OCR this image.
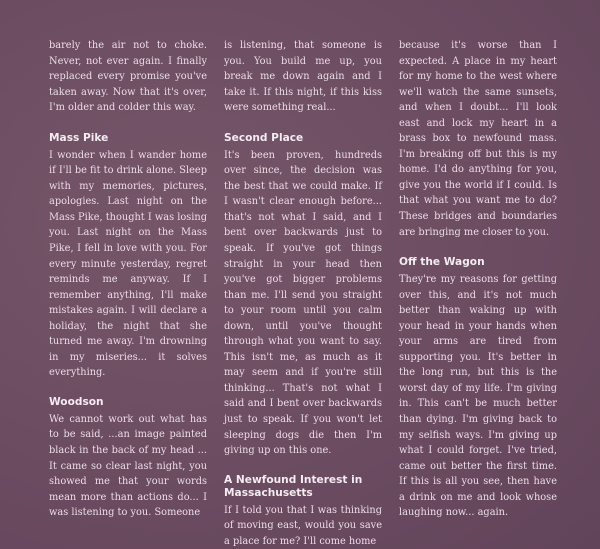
barely the air not to choke. Never, not ever again. I finally replaced every promise you've taken away. Now that it's over, I'm older and colder this way.

Mass Pike

I wonder when I wander home if I'll be fit to drink alone. Sleep with my memories, pictures, apologies. Last night on the Mass Pike, thought I was losing you. Last night on the Mass Pike, I fell in love with you. For every minute yesterday, regret reminds me anyway. If I remember anything, I'll make mistakes again. I will declare a holiday, the night that she turned me away. I'm drowning in my miseries... it solves everything.

Woodson

We cannot work out what has to be said, ...an image painted black in the back of my head ... It came so clear last night, you showed me that your words mean more than actions do... I was listening to you. Someone

is listening, that someone is you. You build me up, you break me down again and I take it. If this night, if this kiss were something real...

Second Place

It's been proven, hundreds over since, the decision was the best that we could make. If I wasn't clear enough before... that's not what I said, and I bent over backwards just to speak. If you've got things straight in your head then you've got bigger problems than me. I'll send you straight to your room until you calm down, until you've thought through what you want to say. This isn't me, as much as it may seem and if you're still thinking... That's not what I said and I bent over backwards just to speak. If you won't let sleeping dogs die then I'm giving up on this one.

A Newfound Interest in Massachusetts

If I told you that I was thinking of moving east, would you save a place for me? I'll come home

because it's worse than I expected. A place in my heart for my home to the west where we'll watch the same sunsets, and when I doubt... I'll look east and lock my heart in a brass box to newfound mass. I'm breaking off but this is my home. I'd do anything for you, give you the world if I could. Is that what you want me to do? These bridges and boundaries are bringing me closer to you.

Off the Wagon

They're my reasons for getting over this, and it's not much better than waking up with your head in your hands when your arms are tired from supporting you. It's better in the long run, but this is the worst day of my life. I'm giving in. This can't be much better than dying. I'm giving back to my selfish ways. I'm giving up what I could forget. I've tried, came out better the first time. If this is all you see, then have a drink on me and look whose laughing now... again.
